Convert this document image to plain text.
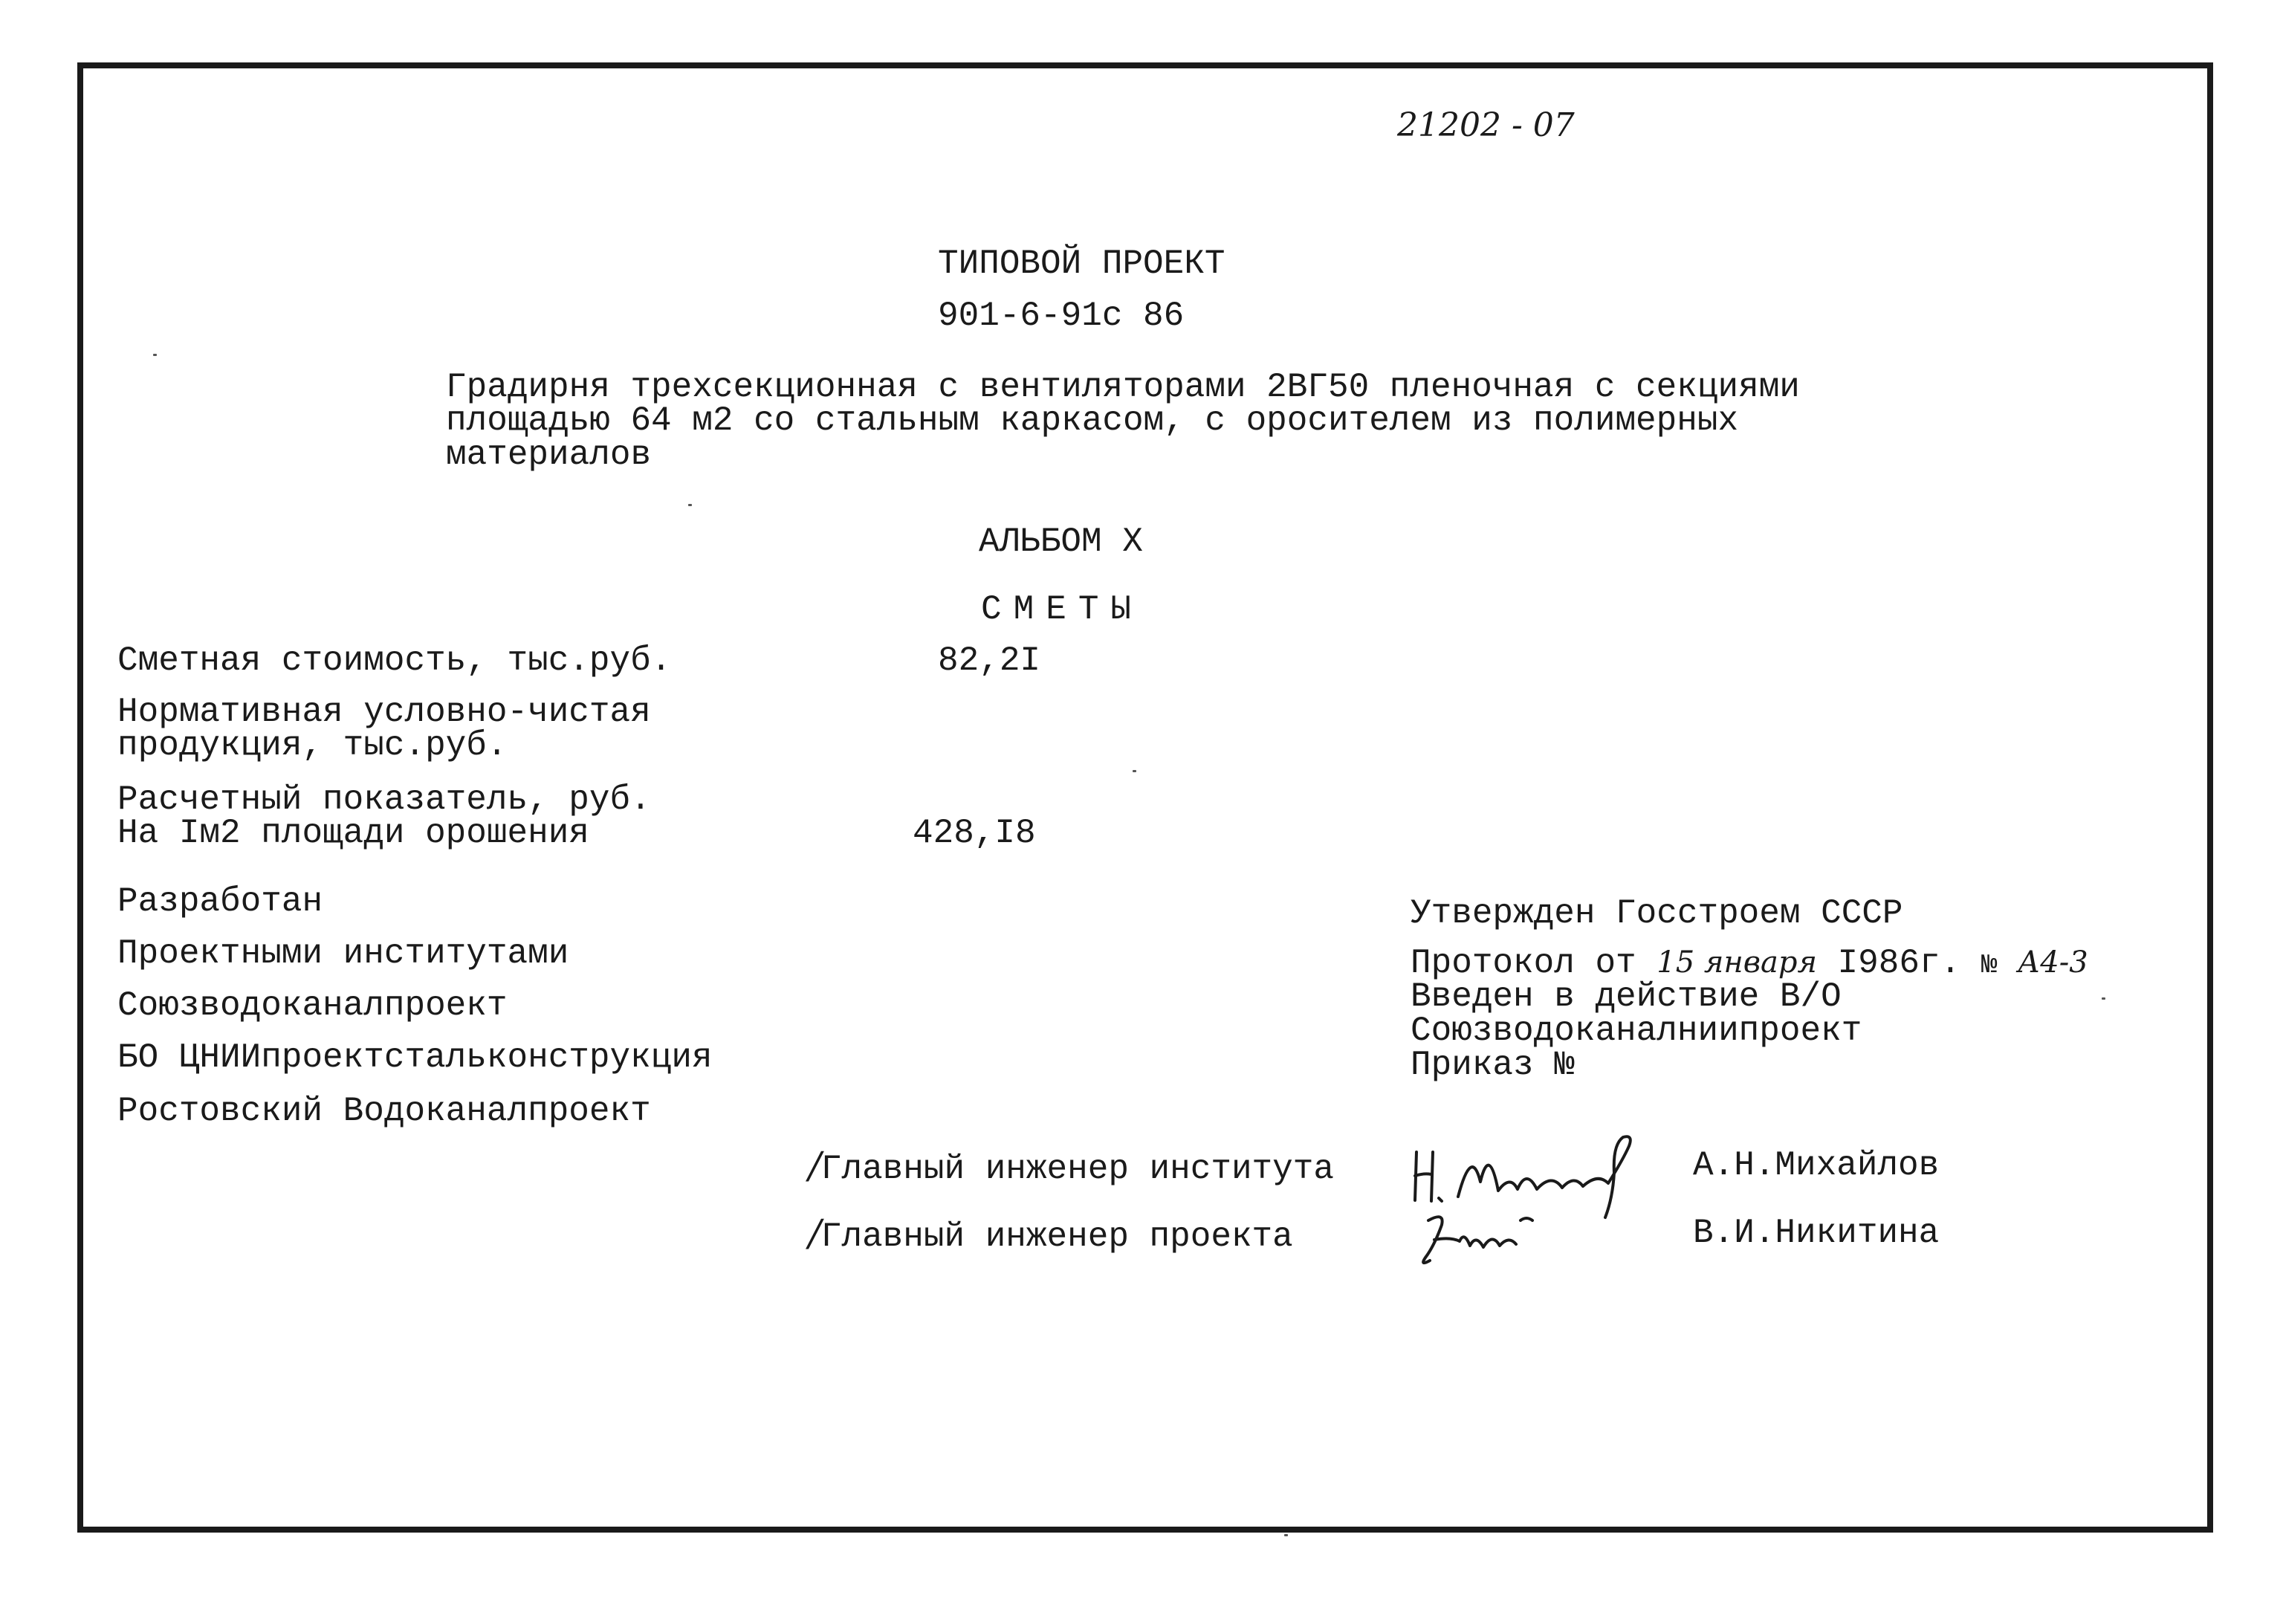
21202 - 07
ТИПОВОЙ ПРОЕКТ
901-6-91с 86
Градирня трехсекционная с вентиляторами 2ВГ50 пленочная с секциями
площадью 64 м2 со стальным каркасом, с оросителем из полимерных
материалов
АЛЬБОМ X
СМЕТЫ
Сметная стоимость, тыс.руб.	82,2I
Нормативная условно-чистая
продукция, тыс.руб.
Расчетный показатель, руб.
На Iм2 площади орошения	428,I8
Разработан
Проектными институтами
Союзводоканалпроект
БО ЦНИИпроектстальконструкция
Ростовский Водоканалпроект
Утвержден Госстроем СССР
Протокол от 15 января I986г. № А4-3
Введен в действие В/О
Союзводоканалниипроект
Приказ №
/Главный инженер института	А.Н.Михайлов
/Главный инженер проекта	В.И.Никитина
